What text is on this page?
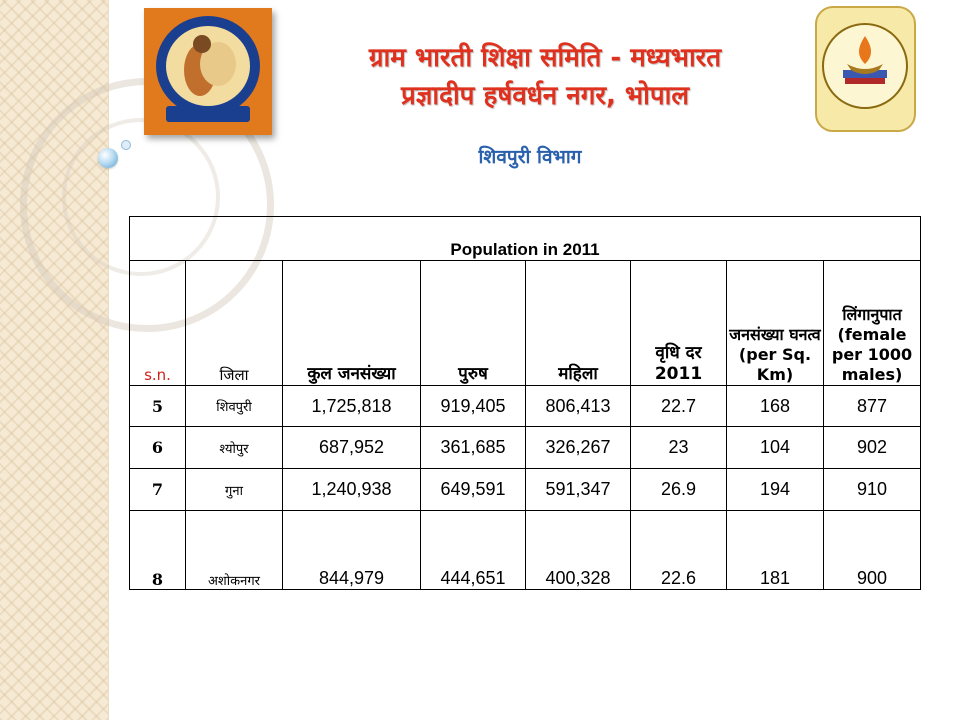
ग्राम भारती शिक्षा समिति - मध्यभारत
प्रज्ञादीप हर्षवर्धन नगर, भोपाल
शिवपुरी विभाग
Population in 2011							
s.n.	जिला	कुल जनसंख्या	पुरुष	महिला	वृधि दर 2011	जनसंख्या घनत्व (per Sq. Km)	लिंगानुपात (female per 1000 males)
5	शिवपुरी	1,725,818	919,405	806,413	22.7	168	877
6	श्योपुर	687,952	361,685	326,267	23	104	902
7	गुना	1,240,938	649,591	591,347	26.9	194	910
8	अशोकनगर	844,979	444,651	400,328	22.6	181	900
